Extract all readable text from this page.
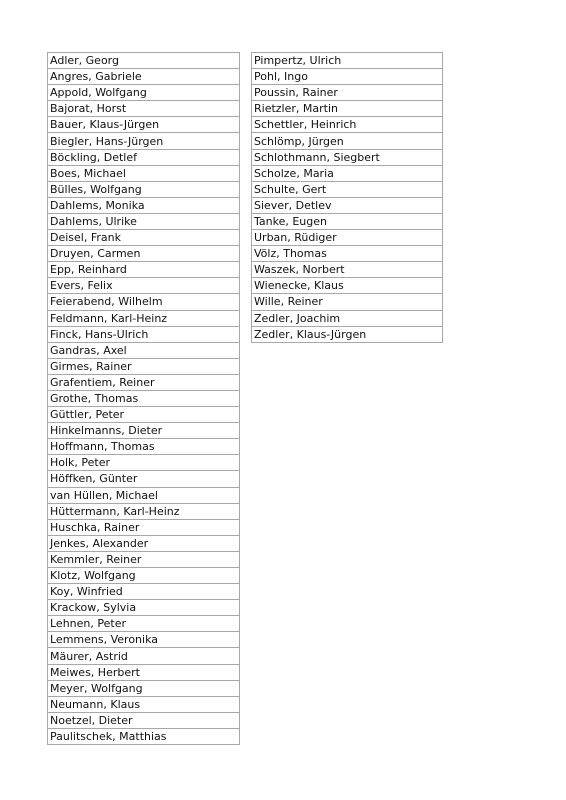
Adler, Georg
Angres, Gabriele
Appold, Wolfgang
Bajorat, Horst
Bauer, Klaus-Jürgen
Biegler, Hans-Jürgen
Böckling, Detlef
Boes, Michael
Bülles, Wolfgang
Dahlems, Monika
Dahlems, Ulrike
Deisel, Frank
Druyen, Carmen
Epp, Reinhard
Evers, Felix
Feierabend, Wilhelm
Feldmann, Karl-Heinz
Finck, Hans-Ulrich
Gandras, Axel
Girmes, Rainer
Grafentiem, Reiner
Grothe, Thomas
Güttler, Peter
Hinkelmanns, Dieter
Hoffmann, Thomas
Holk, Peter
Höffken, Günter
van Hüllen, Michael
Hüttermann, Karl-Heinz
Huschka, Rainer
Jenkes, Alexander
Kemmler, Reiner
Klotz, Wolfgang
Koy, Winfried
Krackow, Sylvia
Lehnen, Peter
Lemmens, Veronika
Mäurer, Astrid
Meiwes, Herbert
Meyer, Wolfgang
Neumann, Klaus
Noetzel, Dieter
Paulitschek, Matthias
Pimpertz, Ulrich
Pohl, Ingo
Poussin, Rainer
Rietzler, Martin
Schettler, Heinrich
Schlömp, Jürgen
Schlothmann, Siegbert
Scholze, Maria
Schulte, Gert
Siever, Detlev
Tanke, Eugen
Urban, Rüdiger
Völz, Thomas
Waszek, Norbert
Wienecke, Klaus
Wille, Reiner
Zedler, Joachim
Zedler, Klaus-Jürgen
